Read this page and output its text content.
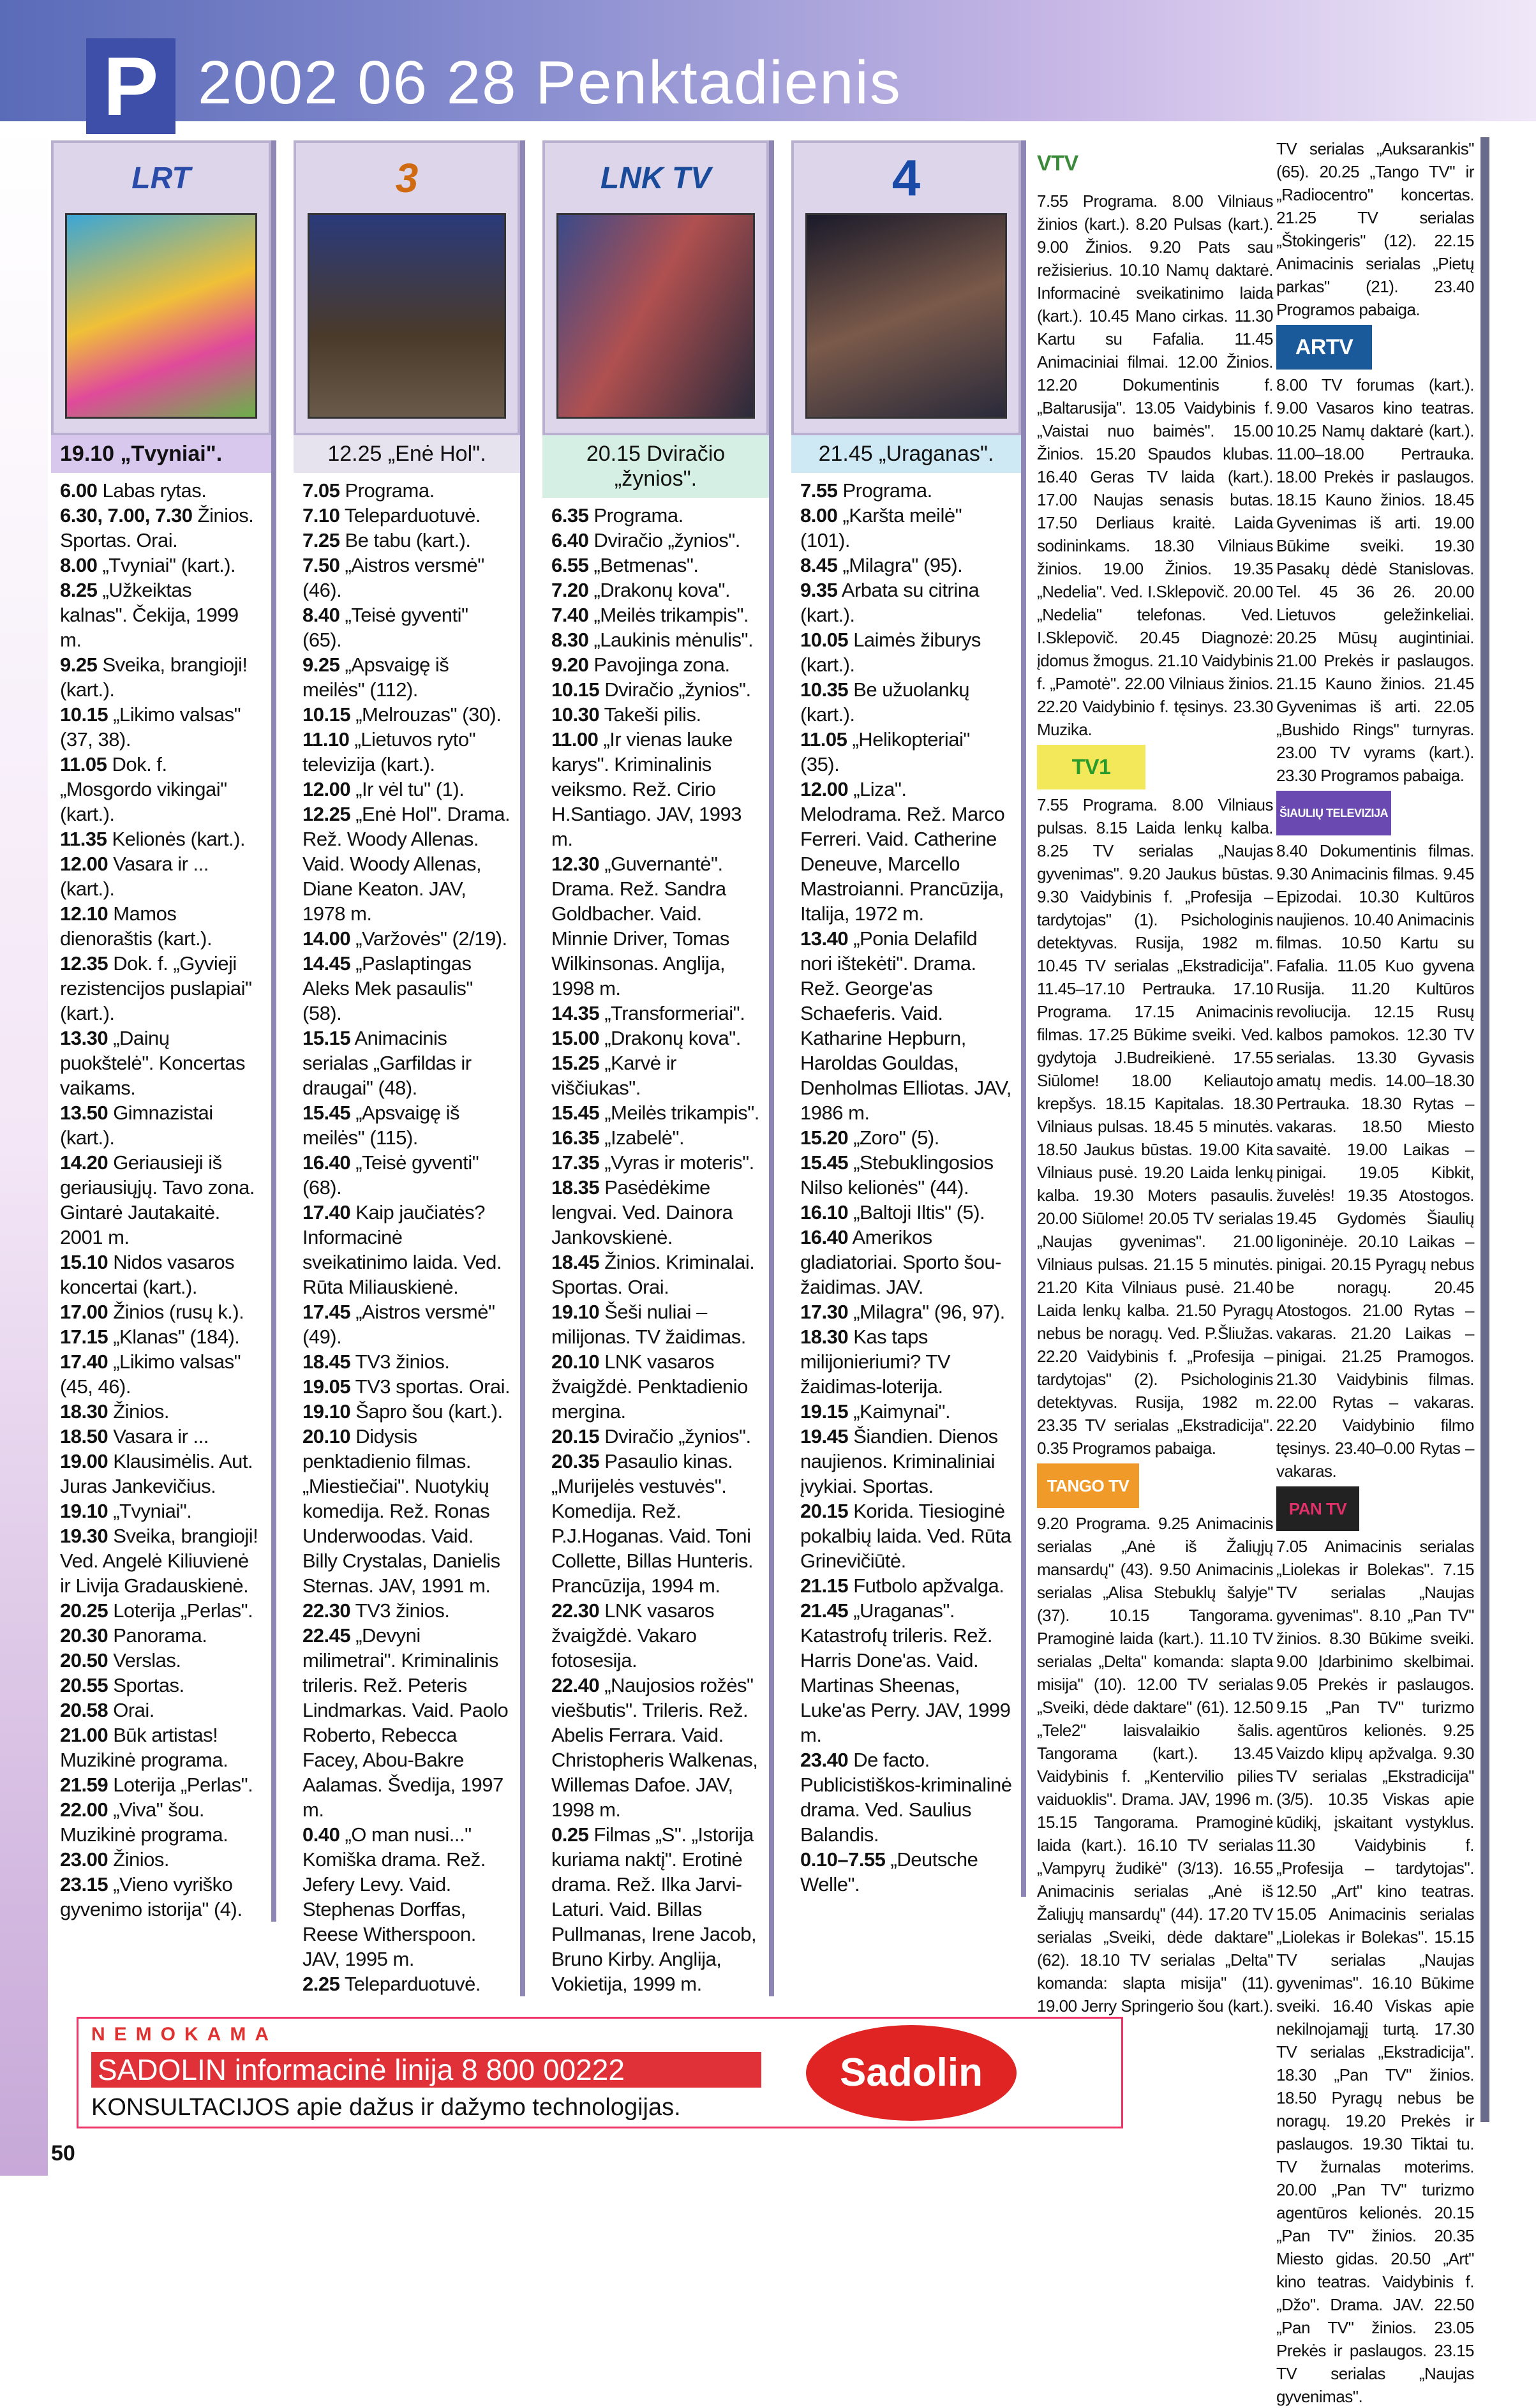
P 2002 06 28 Penktadienis
LRT
19.10 „Tvyniai".
6.00 Labas rytas.
6.30, 7.00, 7.30 Žinios. Sportas. Orai.
8.00 „Tvyniai" (kart.).
8.25 „Užkeiktas kalnas". Čekija, 1999 m.
9.25 Sveika, brangioji! (kart.).
10.15 „Likimo valsas" (37, 38).
11.05 Dok. f. „Mosgordo vikingai" (kart.).
11.35 Kelionės (kart.).
12.00 Vasara ir ... (kart.).
12.10 Mamos dienoraštis (kart.).
12.35 Dok. f. „Gyvieji rezistencijos puslapiai" (kart.).
13.30 „Dainų puokštelė". Koncertas vaikams.
13.50 Gimnazistai (kart.).
14.20 Geriausieji iš geriausiųjų. Tavo zona. Gintarė Jautakaitė. 2001 m.
15.10 Nidos vasaros koncertai (kart.).
17.00 Žinios (rusų k.).
17.15 „Klanas" (184).
17.40 „Likimo valsas" (45, 46).
18.30 Žinios.
18.50 Vasara ir ...
19.00 Klausimėlis. Aut. Juras Jankevičius.
19.10 „Tvyniai".
19.30 Sveika, brangioji! Ved. Angelė Kiliuvienė ir Livija Gradauskienė.
20.25 Loterija „Perlas".
20.30 Panorama.
20.50 Verslas.
20.55 Sportas.
20.58 Orai.
21.00 Būk artistas! Muzikinė programa.
21.59 Loterija „Perlas".
22.00 „Viva" šou. Muzikinė programa.
23.00 Žinios.
23.15 „Vieno vyriško gyvenimo istorija" (4).
3
12.25 „Enė Hol".
7.05 Programa.
7.10 Teleparduotuvė.
7.25 Be tabu (kart.).
7.50 „Aistros versmė" (46).
8.40 „Teisė gyventi" (65).
9.25 „Apsvaigę iš meilės" (112).
10.15 „Melrouzas" (30).
11.10 „Lietuvos ryto" televizija (kart.).
12.00 „Ir vėl tu" (1).
12.25 „Enė Hol". Drama. Rež. Woody Allenas. Vaid. Woody Allenas, Diane Keaton. JAV, 1978 m.
14.00 „Varžovės" (2/19).
14.45 „Paslaptingas Aleks Mek pasaulis" (58).
15.15 Animacinis serialas „Garfildas ir draugai" (48).
15.45 „Apsvaigę iš meilės" (115).
16.40 „Teisė gyventi" (68).
17.40 Kaip jaučiatės? Informacinė sveikatinimo laida. Ved. Rūta Miliauskienė.
17.45 „Aistros versmė" (49).
18.45 TV3 žinios.
19.05 TV3 sportas. Orai.
19.10 Šapro šou (kart.).
20.10 Didysis penktadienio filmas. „Miestiečiai". Nuotykių komedija. Rež. Ronas Underwoodas. Vaid. Billy Crystalas, Danielis Sternas. JAV, 1991 m.
22.30 TV3 žinios.
22.45 „Devyni milimetrai". Kriminalinis trileris. Rež. Peteris Lindmarkas. Vaid. Paolo Roberto, Rebecca Facey, Abou-Bakre Aalamas. Švedija, 1997 m.
0.40 „O man nusi..." Komiška drama. Rež. Jefery Levy. Vaid. Stephenas Dorffas, Reese Witherspoon. JAV, 1995 m.
2.25 Teleparduotuvė.
LNK TV
20.15 Dviračio „žynios".
6.35 Programa.
6.40 Dviračio „žynios".
6.55 „Betmenas".
7.20 „Drakonų kova".
7.40 „Meilės trikampis".
8.30 „Laukinis mėnulis".
9.20 Pavojinga zona.
10.15 Dviračio „žynios".
10.30 Takeši pilis.
11.00 „Ir vienas lauke karys". Kriminalinis veiksmo. Rež. Cirio H.Santiago. JAV, 1993 m.
12.30 „Guvernantė". Drama. Rež. Sandra Goldbacher. Vaid. Minnie Driver, Tomas Wilkinsonas. Anglija, 1998 m.
14.35 „Transformeriai".
15.00 „Drakonų kova".
15.25 „Karvė ir viščiukas".
15.45 „Meilės trikampis".
16.35 „Izabelė".
17.35 „Vyras ir moteris".
18.35 Pasėdėkime lengvai. Ved. Dainora Jankovskienė.
18.45 Žinios. Kriminalai. Sportas. Orai.
19.10 Šeši nuliai – milijonas. TV žaidimas.
20.10 LNK vasaros žvaigždė. Penktadienio mergina.
20.15 Dviračio „žynios".
20.35 Pasaulio kinas. „Murijelės vestuvės". Komedija. Rež. P.J.Hoganas. Vaid. Toni Collette, Billas Hunteris. Prancūzija, 1994 m.
22.30 LNK vasaros žvaigždė. Vakaro fotosesija.
22.40 „Naujosios rožės" viešbutis". Trileris. Rež. Abelis Ferrara. Vaid. Christopheris Walkenas, Willemas Dafoe. JAV, 1998 m.
0.25 Filmas „S". „Istorija kuriama naktį". Erotinė drama. Rež. Ilka Jarvi-Laturi. Vaid. Billas Pullmanas, Irene Jacob, Bruno Kirby. Anglija, Vokietija, 1999 m.
4
21.45 „Uraganas".
7.55 Programa.
8.00 „Karšta meilė" (101).
8.45 „Milagra" (95).
9.35 Arbata su citrina (kart.).
10.05 Laimės žiburys (kart.).
10.35 Be užuolankų (kart.).
11.05 „Helikopteriai" (35).
12.00 „Liza". Melodrama. Rež. Marco Ferreri. Vaid. Catherine Deneuve, Marcello Mastroianni. Prancūzija, Italija, 1972 m.
13.40 „Ponia Delafild nori ištekėti". Drama. Rež. George'as Schaeferis. Vaid. Katharine Hepburn, Haroldas Gouldas, Denholmas Elliotas. JAV, 1986 m.
15.20 „Zoro" (5).
15.45 „Stebuklingosios Nilso kelionės" (44).
16.10 „Baltoji Iltis" (5).
16.40 Amerikos gladiatoriai. Sporto šou-žaidimas. JAV.
17.30 „Milagra" (96, 97).
18.30 Kas taps milijonieriumi? TV žaidimas-loterija.
19.15 „Kaimynai".
19.45 Šiandien. Dienos naujienos. Kriminaliniai įvykiai. Sportas.
20.15 Korida. Tiesioginė pokalbių laida. Ved. Rūta Grinevičiūtė.
21.15 Futbolo apžvalga.
21.45 „Uraganas". Katastrofų trileris. Rež. Harris Done'as. Vaid. Martinas Sheenas, Luke'as Perry. JAV, 1999 m.
23.40 De facto. Publicistiškos-kriminalinė drama. Ved. Saulius Balandis.
0.10–7.55 „Deutsche Welle".
VTV
7.55 Programa. 8.00 Vilniaus žinios (kart.). 8.20 Pulsas (kart.). 9.00 Žinios. 9.20 Pats sau režisierius. 10.10 Namų daktarė. Informacinė sveikatinimo laida (kart.). 10.45 Mano cirkas. 11.30 Kartu su Fafalia. 11.45 Animaciniai filmai. 12.00 Žinios. 12.20 Dokumentinis f. „Baltarusija". 13.05 Vaidybinis f. „Vaistai nuo baimės". 15.00 Žinios. 15.20 Spaudos klubas. 16.40 Geras TV laida (kart.). 17.00 Naujas senasis butas. 17.50 Derliaus kraitė. Laida sodininkams. 18.30 Vilniaus žinios. 19.00 Žinios. 19.35 „Nedelia". Ved. I.Sklepovič. 20.00 „Nedelia" telefonas. Ved. I.Sklepovič. 20.45 Diagnozė: įdomus žmogus. 21.10 Vaidybinis f. „Pamotė". 22.00 Vilniaus žinios. 22.20 Vaidybinio f. tęsinys. 23.30 Muzika.
TV1
7.55 Programa. 8.00 Vilniaus pulsas. 8.15 Laida lenkų kalba. 8.25 TV serialas „Naujas gyvenimas". 9.20 Jaukus būstas. 9.30 Vaidybinis f. „Profesija – tardytojas" (1). Psichologinis detektyvas. Rusija, 1982 m. 10.45 TV serialas „Ekstradicija". 11.45–17.10 Pertrauka. 17.10 Programa. 17.15 Animacinis filmas. 17.25 Būkime sveiki. Ved. gydytoja J.Budreikienė. 17.55 Siūlome! 18.00 Keliautojo krepšys. 18.15 Kapitalas. 18.30 Vilniaus pulsas. 18.45 5 minutės. 18.50 Jaukus būstas. 19.00 Kita Vilniaus pusė. 19.20 Laida lenkų kalba. 19.30 Moters pasaulis. 20.00 Siūlome! 20.05 TV serialas „Naujas gyvenimas". 21.00 Vilniaus pulsas. 21.15 5 minutės. 21.20 Kita Vilniaus pusė. 21.40 Laida lenkų kalba. 21.50 Pyragų nebus be noragų. Ved. P.Šliužas. 22.20 Vaidybinis f. „Profesija – tardytojas" (2). Psichologinis detektyvas. Rusija, 1982 m. 23.35 TV serialas „Ekstradicija". 0.35 Programos pabaiga.
TANGO TV
9.20 Programa. 9.25 Animacinis serialas „Anė iš Žaliųjų mansardų" (43). 9.50 Animacinis serialas „Alisa Stebuklų šalyje" (37). 10.15 Tangorama. Pramoginė laida (kart.). 11.10 TV serialas „Delta" komanda: slapta misija" (10). 12.00 TV serialas „Sveiki, dėde daktare" (61). 12.50 „Tele2" laisvalaikio šalis. Tangorama (kart.). 13.45 Vaidybinis f. „Kentervilio pilies vaiduoklis". Drama. JAV, 1996 m. 15.15 Tangorama. Pramoginė laida (kart.). 16.10 TV serialas „Vampyrų žudikė" (3/13). 16.55 Animacinis serialas „Anė iš Žaliųjų mansardų" (44). 17.20 TV serialas „Sveiki, dėde daktare" (62). 18.10 TV serialas „Delta" komanda: slapta misija" (11). 19.00 Jerry Springerio šou (kart.).
TV serialas „Auksarankis" (65). 20.25 „Tango TV" ir „Radiocentro" koncertas. 21.25 TV serialas „Štokingeris" (12). 22.15 Animacinis serialas „Pietų parkas" (21). 23.40 Programos pabaiga.
ARTV
8.00 TV forumas (kart.). 9.00 Vasaros kino teatras. 10.25 Namų daktarė (kart.). 11.00–18.00 Pertrauka. 18.00 Prekės ir paslaugos. 18.15 Kauno žinios. 18.45 Gyvenimas iš arti. 19.00 Būkime sveiki. 19.30 Pasakų dėdė Stanislovas. Tel. 45 36 26. 20.00 Lietuvos geležinkeliai. 20.25 Mūsų augintiniai. 21.00 Prekės ir paslaugos. 21.15 Kauno žinios. 21.45 Gyvenimas iš arti. 22.05 „Bushido Rings" turnyras. 23.00 TV vyrams (kart.). 23.30 Programos pabaiga.
ŠIAULIŲ TELEVIZIJA
8.40 Dokumentinis filmas. 9.30 Animacinis filmas. 9.45 Epizodai. 10.30 Kultūros naujienos. 10.40 Animacinis filmas. 10.50 Kartu su Fafalia. 11.05 Kuo gyvena Rusija. 11.20 Kultūros revoliucija. 12.15 Rusų kalbos pamokos. 12.30 TV serialas. 13.30 Gyvasis amatų medis. 14.00–18.30 Pertrauka. 18.30 Rytas – vakaras. 18.50 Miesto savaitė. 19.00 Laikas – pinigai. 19.05 Kibkit, žuvelės! 19.35 Atostogos. 19.45 Gydomės Šiaulių ligoninėje. 20.10 Laikas – pinigai. 20.15 Pyragų nebus be noragų. 20.45 Atostogos. 21.00 Rytas – vakaras. 21.20 Laikas – pinigai. 21.25 Pramogos. 21.30 Vaidybinis filmas. 22.00 Rytas – vakaras. 22.20 Vaidybinio filmo tęsinys. 23.40–0.00 Rytas – vakaras.
PAN TV
7.05 Animacinis serialas „Liolekas ir Bolekas". 7.15 TV serialas „Naujas gyvenimas". 8.10 „Pan TV" žinios. 8.30 Būkime sveiki. 9.00 Įdarbinimo skelbimai. 9.05 Prekės ir paslaugos. 9.15 „Pan TV" turizmo agentūros kelionės. 9.25 Vaizdo klipų apžvalga. 9.30 TV serialas „Ekstradicija" (3/5). 10.35 Viskas apie kūdikį, įskaitant vystyklus. 11.30 Vaidybinis f. „Profesija – tardytojas". 12.50 „Art" kino teatras. 15.05 Animacinis serialas „Liolekas ir Bolekas". 15.15 TV serialas „Naujas gyvenimas". 16.10 Būkime sveiki. 16.40 Viskas apie nekilnojamąjį turtą. 17.30 TV serialas „Ekstradicija". 18.30 „Pan TV" žinios. 18.50 Pyragų nebus be noragų. 19.20 Prekės ir paslaugos. 19.30 Tiktai tu. TV žurnalas moterims. 20.00 „Pan TV" turizmo agentūros kelionės. 20.15 „Pan TV" žinios. 20.35 Miesto gidas. 20.50 „Art" kino teatras. Vaidybinis f. „Džo". Drama. JAV. 22.50 „Pan TV" žinios. 23.05 Prekės ir paslaugos. 23.15 TV serialas „Naujas gyvenimas".
NEMOKAMA
SADOLIN informacinė linija 8 800 00222
KONSULTACIJOS apie dažus ir dažymo technologijas.
Sadolin
50
